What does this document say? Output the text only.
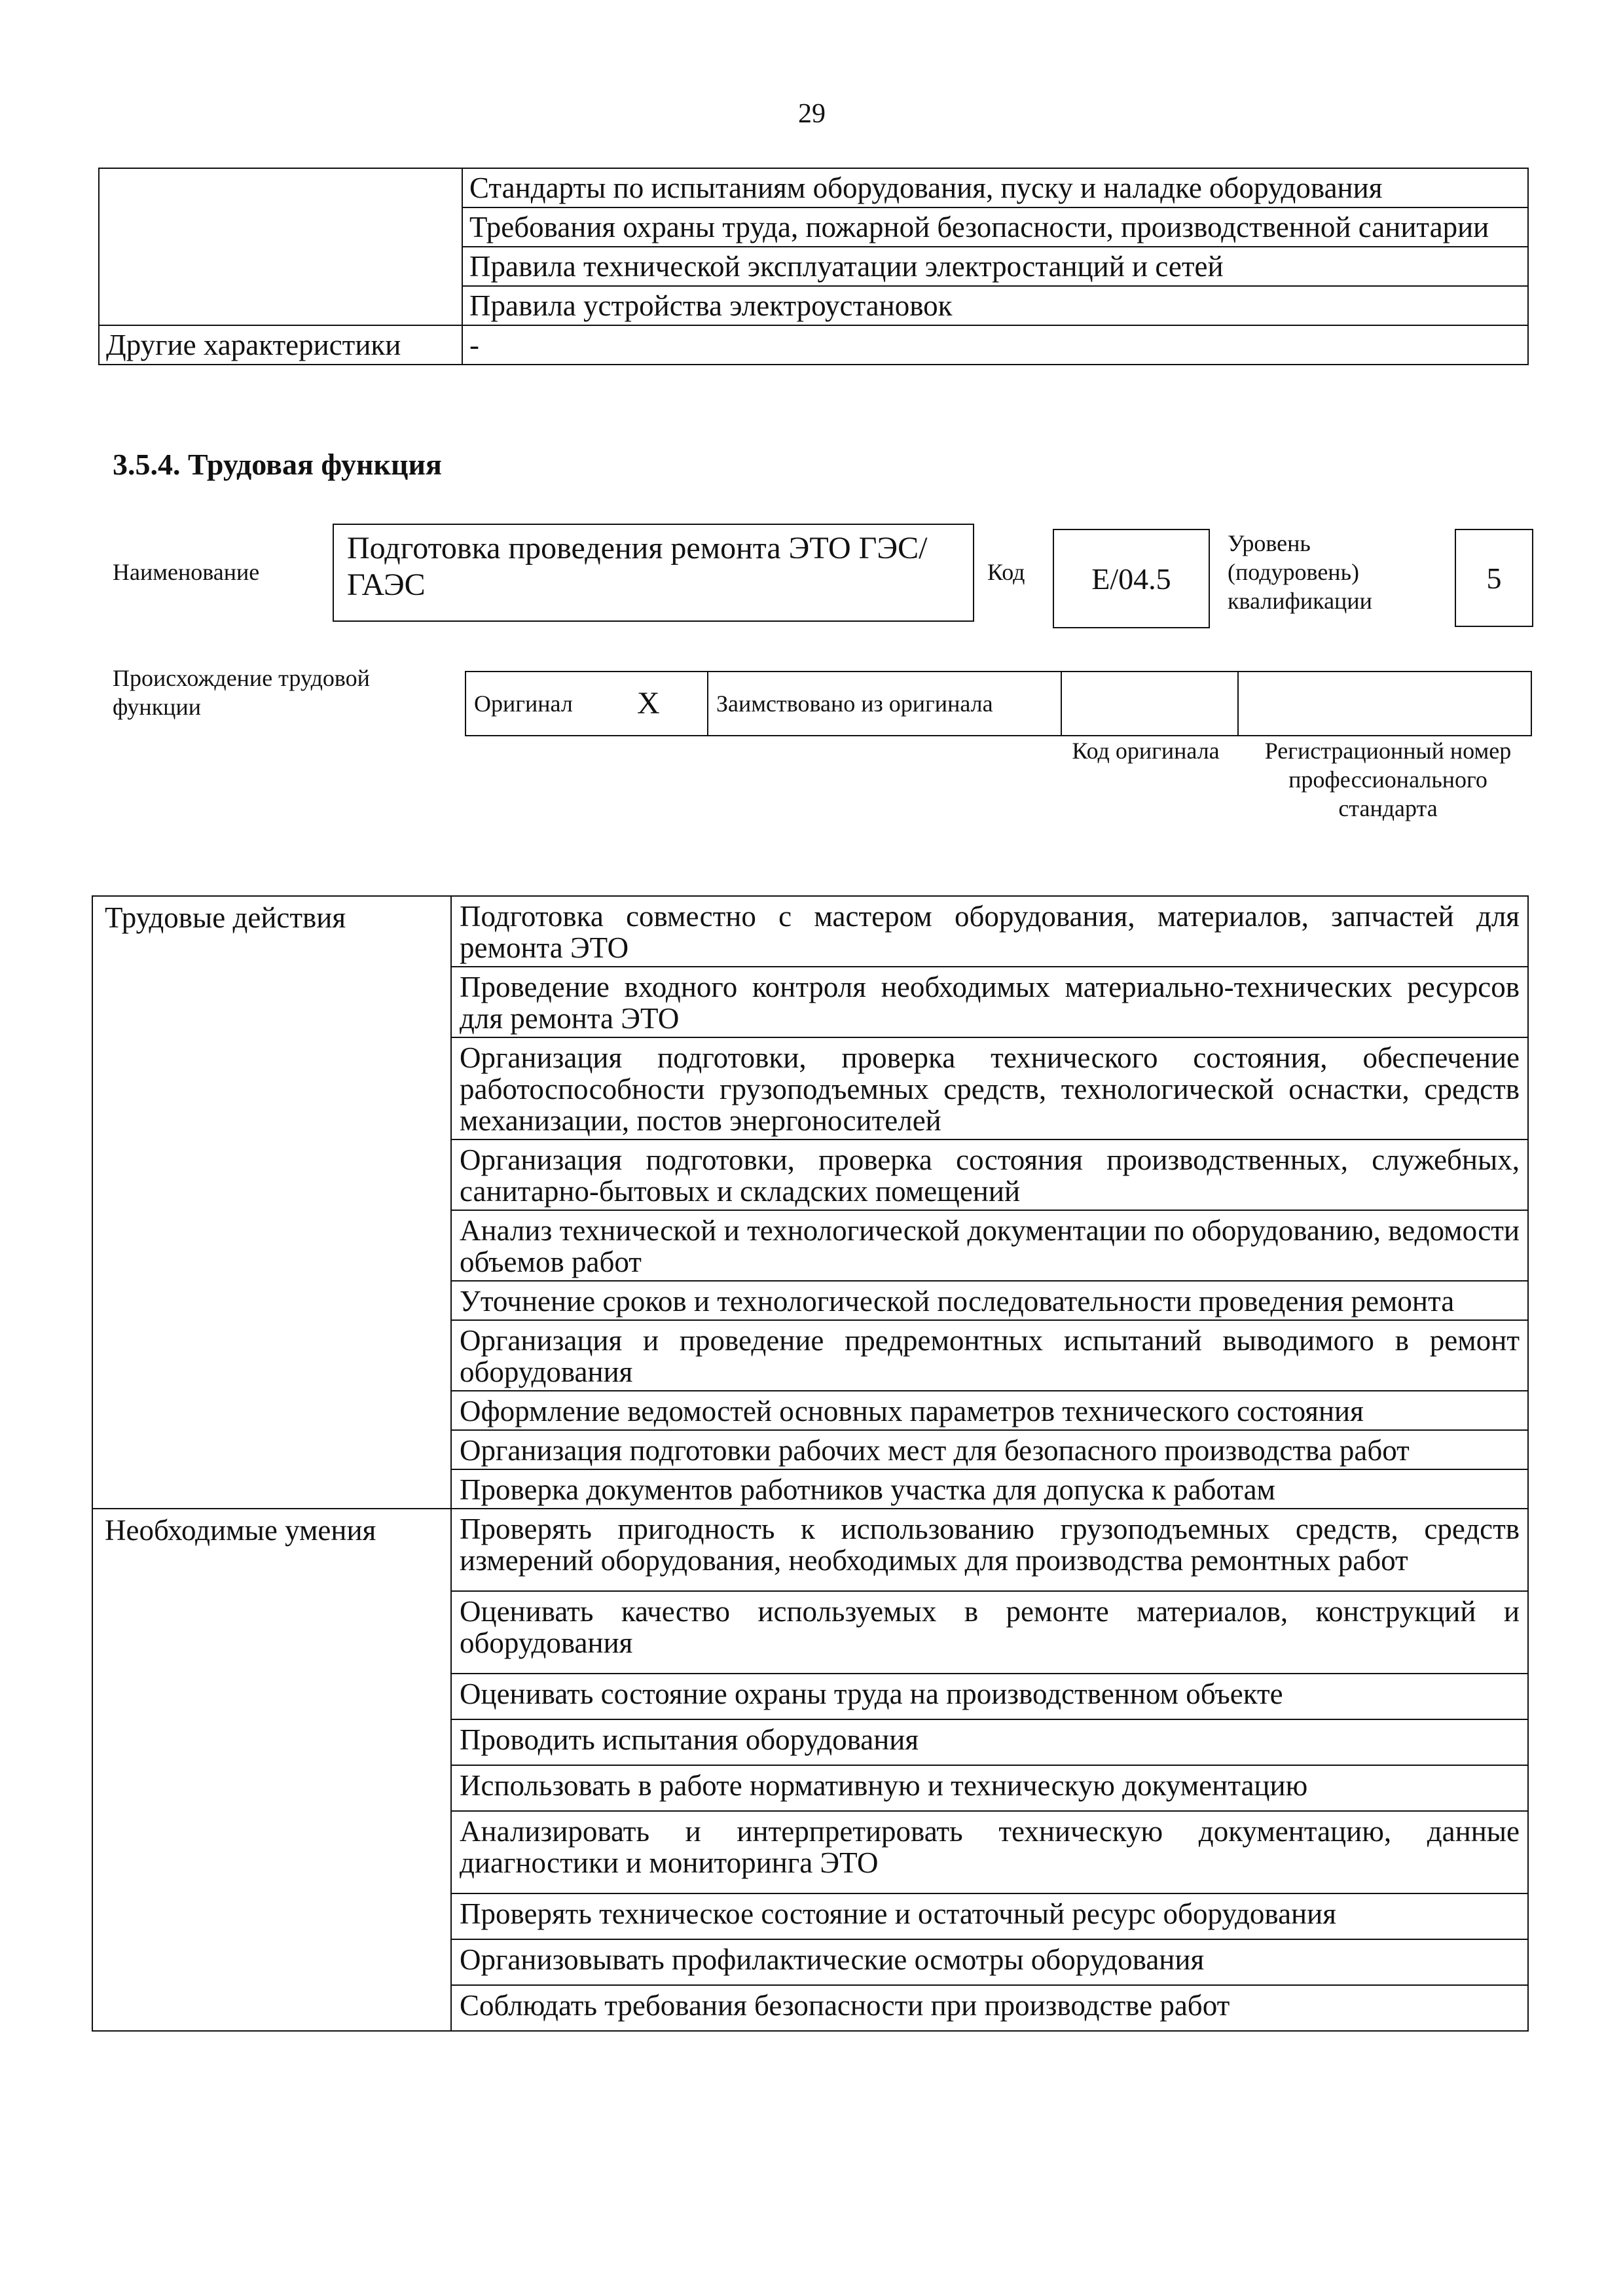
29
	Стандарты по испытаниям оборудования, пуску и наладке оборудования
	Требования охраны труда, пожарной безопасности, производственной санитарии
	Правила технической эксплуатации электростанций и сетей
	Правила устройства электроустановок
Другие характеристики	-
3.5.4. Трудовая функция
Наименование
Подготовка проведения ремонта ЭТО ГЭС/ГАЭС	Код E/04.5
Уровень (подуровень) квалификации
5
Происхождение трудовой функции	Оригинал	X	Заимствовано из оригинала		
Код оригинала	Регистрационный номер профессионального стандарта
Трудовые действия	Подготовка совместно с мастером оборудования, материалов, запчастей для ремонта ЭТО
	Проведение входного контроля необходимых материально-технических ресурсов для ремонта ЭТО
	Организация подготовки, проверка технического состояния, обеспечение работоспособности грузоподъемных средств, технологической оснастки, средств механизации, постов энергоносителей
	Организация подготовки, проверка состояния производственных, служебных, санитарно-бытовых и складских помещений
	Анализ технической и технологической документации по оборудованию, ведомости объемов работ
	Уточнение сроков и технологической последовательности проведения ремонта
	Организация и проведение предремонтных испытаний выводимого в ремонт оборудования
	Оформление ведомостей основных параметров технического состояния
	Организация подготовки рабочих мест для безопасного производства работ
	Проверка документов работников участка для допуска к работам
Необходимые умения	Проверять пригодность к использованию грузоподъемных средств, средств измерений оборудования, необходимых для производства ремонтных работ
	Оценивать качество используемых в ремонте материалов, конструкций и оборудования
	Оценивать состояние охраны труда на производственном объекте
	Проводить испытания оборудования
	Использовать в работе нормативную и техническую документацию
	Анализировать и интерпретировать техническую документацию, данные диагностики и мониторинга ЭТО
	Проверять техническое состояние и остаточный ресурс оборудования
	Организовывать профилактические осмотры оборудования
	Соблюдать требования безопасности при производстве работ
